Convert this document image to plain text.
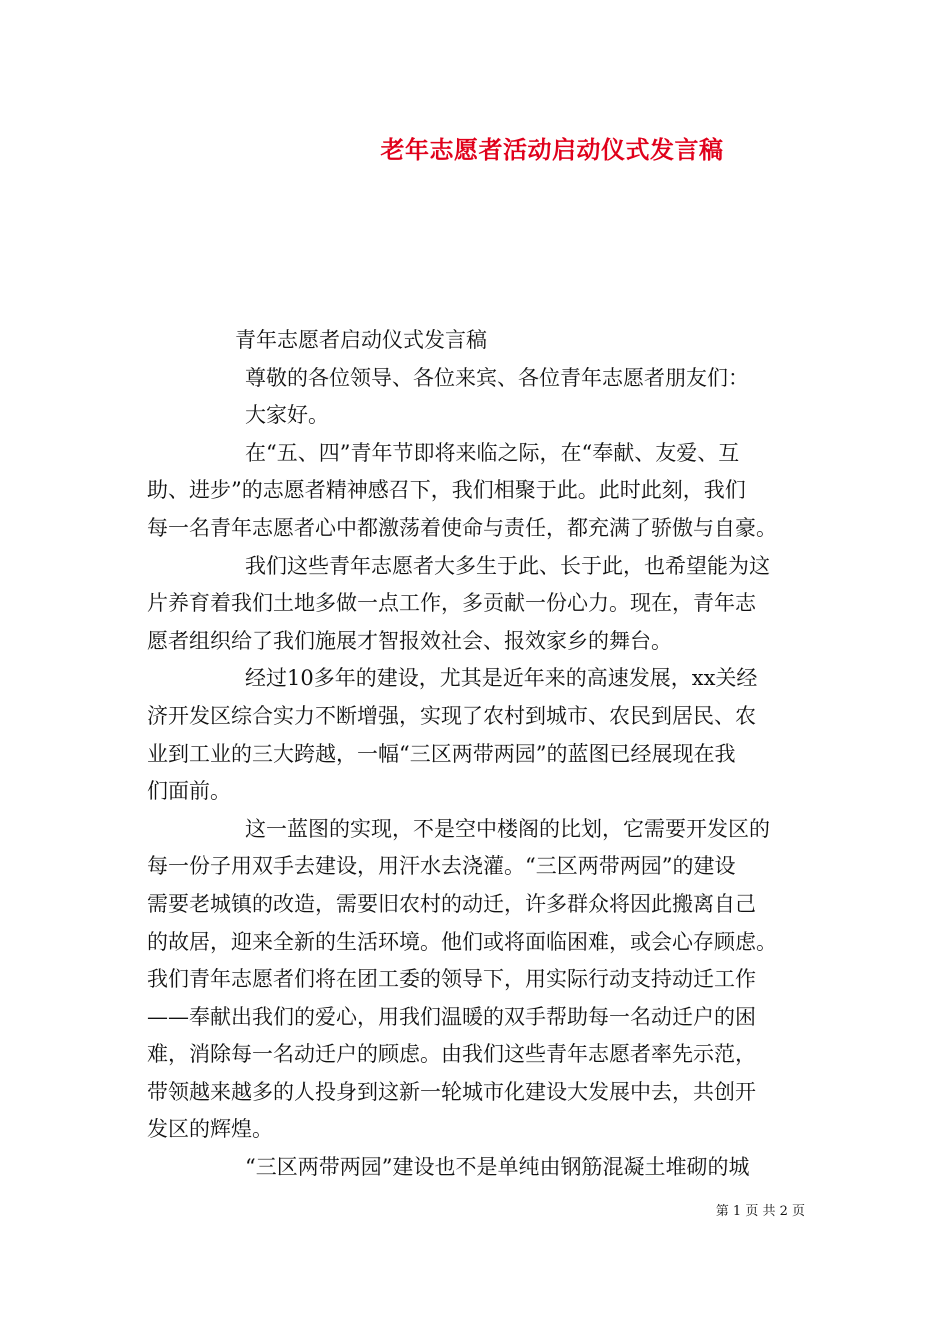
老年志愿者活动启动仪式发言稿
青年志愿者启动仪式发言稿
尊敬的各位领导、各位来宾、各位青年志愿者朋友们：
大家好。
在“五、四”青年节即将来临之际，在“奉献、友爱、互
助、进步”的志愿者精神感召下，我们相聚于此。此时此刻，我们
每一名青年志愿者心中都激荡着使命与责任，都充满了骄傲与自豪。
我们这些青年志愿者大多生于此、长于此，也希望能为这
片养育着我们土地多做一点工作，多贡献一份心力。现在，青年志
愿者组织给了我们施展才智报效社会、报效家乡的舞台。
经过10多年的建设，尤其是近年来的高速发展，xx关经
济开发区综合实力不断增强，实现了农村到城市、农民到居民、农
业到工业的三大跨越，一幅“三区两带两园”的蓝图已经展现在我
们面前。
这一蓝图的实现，不是空中楼阁的比划，它需要开发区的
每一份子用双手去建设，用汗水去浇灌。“三区两带两园”的建设
需要老城镇的改造，需要旧农村的动迁，许多群众将因此搬离自己
的故居，迎来全新的生活环境。他们或将面临困难，或会心存顾虑。
我们青年志愿者们将在团工委的领导下，用实际行动支持动迁工作
——奉献出我们的爱心，用我们温暖的双手帮助每一名动迁户的困
难，消除每一名动迁户的顾虑。由我们这些青年志愿者率先示范，
带领越来越多的人投身到这新一轮城市化建设大发展中去，共创开
发区的辉煌。
“三区两带两园”建设也不是单纯由钢筋混凝土堆砌的城
第 1 页 共 2 页
